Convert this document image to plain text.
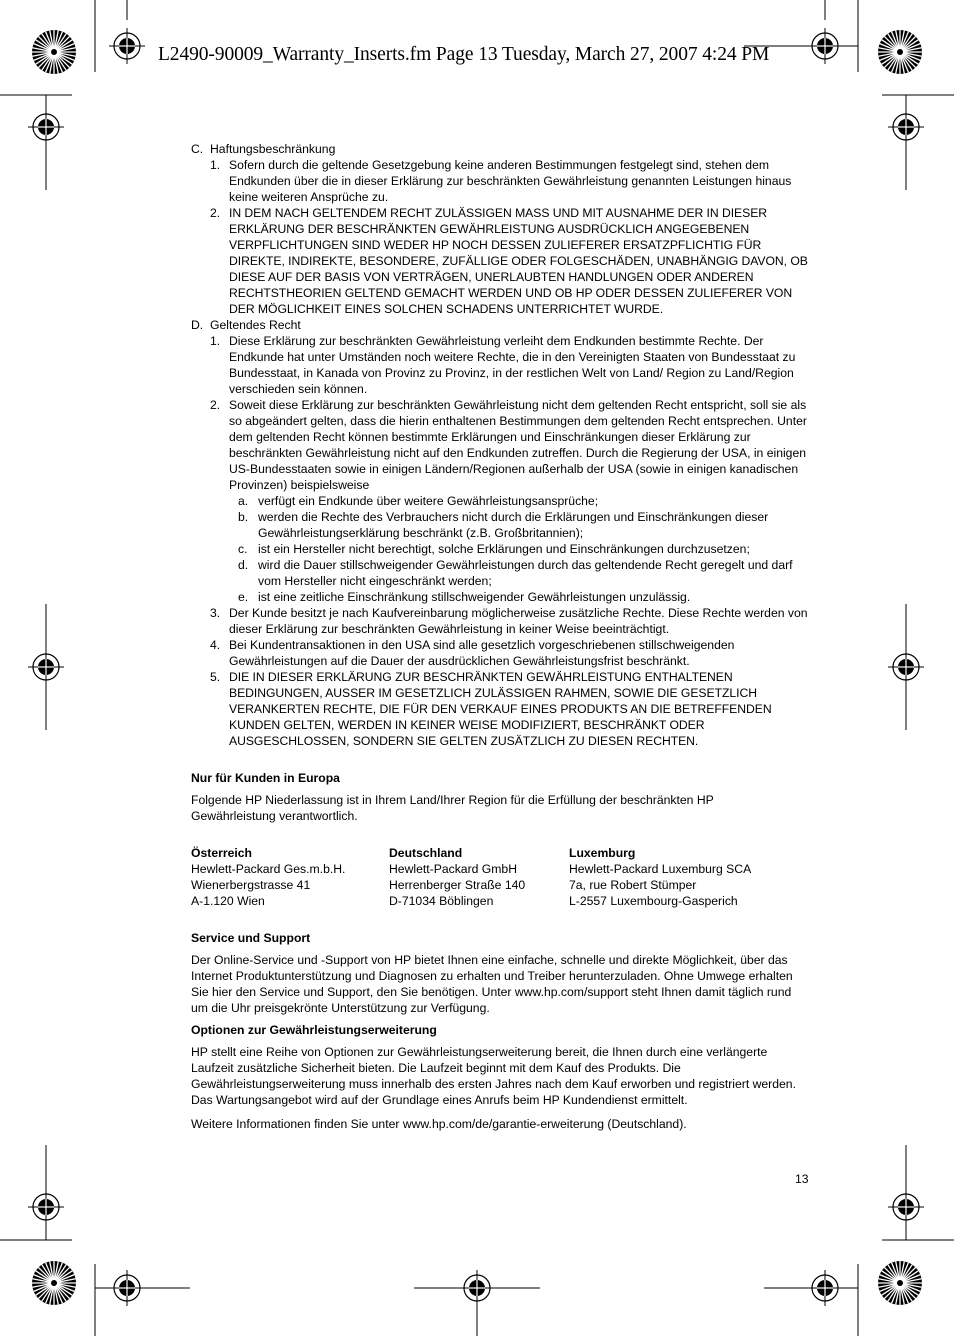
L2490-90009_Warranty_Inserts.fm Page 13 Tuesday, March 27, 2007 4:24 PM
C. Haftungsbeschränkung
1. Sofern durch die geltende Gesetzgebung keine anderen Bestimmungen festgelegt sind, stehen dem Endkunden über die in dieser Erklärung zur beschränkten Gewährleistung genannten Leistungen hinaus keine weiteren Ansprüche zu.
2. IN DEM NACH GELTENDEM RECHT ZULÄSSIGEN MASS UND MIT AUSNAHME DER IN DIESER ERKLÄRUNG DER BESCHRÄNKTEN GEWÄHRLEISTUNG AUSDRÜCKLICH ANGEGEBENEN VERPFLICHTUNGEN SIND WEDER HP NOCH DESSEN ZULIEFERER ERSATZPFLICHTIG FÜR DIREKTE, INDIREKTE, BESONDERE, ZUFÄLLIGE ODER FOLGESCHÄDEN, UNABHÄNGIG DAVON, OB DIESE AUF DER BASIS VON VERTRÄGEN, UNERLAUBTEN HANDLUNGEN ODER ANDEREN RECHTSTHEORIEN GELTEND GEMACHT WERDEN UND OB HP ODER DESSEN ZULIEFERER VON DER MÖGLICHKEIT EINES SOLCHEN SCHADENS UNTERRICHTET WURDE.
D. Geltendes Recht
1. Diese Erklärung zur beschränkten Gewährleistung verleiht dem Endkunden bestimmte Rechte. Der Endkunde hat unter Umständen noch weitere Rechte, die in den Vereinigten Staaten von Bundesstaat zu Bundesstaat, in Kanada von Provinz zu Provinz, in der restlichen Welt von Land/ Region zu Land/Region verschieden sein können.
2. Soweit diese Erklärung zur beschränkten Gewährleistung nicht dem geltenden Recht entspricht, soll sie als so abgeändert gelten, dass die hierin enthaltenen Bestimmungen dem geltenden Recht entsprechen. Unter dem geltenden Recht können bestimmte Erklärungen und Einschränkungen dieser Erklärung zur beschränkten Gewährleistung nicht auf den Endkunden zutreffen. Durch die Regierung der USA, in einigen US-Bundesstaaten sowie in einigen Ländern/Regionen außerhalb der USA (sowie in einigen kanadischen Provinzen) beispielsweise
a. verfügt ein Endkunde über weitere Gewährleistungsansprüche;
b. werden die Rechte des Verbrauchers nicht durch die Erklärungen und Einschränkungen dieser Gewährleistungserklärung beschränkt (z.B. Großbritannien);
c. ist ein Hersteller nicht berechtigt, solche Erklärungen und Einschränkungen durchzusetzen;
d. wird die Dauer stillschweigender Gewährleistungen durch das geltendende Recht geregelt und darf vom Hersteller nicht eingeschränkt werden;
e. ist eine zeitliche Einschränkung stillschweigender Gewährleistungen unzulässig.
3. Der Kunde besitzt je nach Kaufvereinbarung möglicherweise zusätzliche Rechte. Diese Rechte werden von dieser Erklärung zur beschränkten Gewährleistung in keiner Weise beeinträchtigt.
4. Bei Kundentransaktionen in den USA sind alle gesetzlich vorgeschriebenen stillschweigenden Gewährleistungen auf die Dauer der ausdrücklichen Gewährleistungsfrist beschränkt.
5. DIE IN DIESER ERKLÄRUNG ZUR BESCHRÄNKTEN GEWÄHRLEISTUNG ENTHALTENEN BEDINGUNGEN, AUSSER IM GESETZLICH ZULÄSSIGEN RAHMEN, SOWIE DIE GESETZLICH VERANKERTEN RECHTE, DIE FÜR DEN VERKAUF EINES PRODUKTS AN DIE BETREFFENDEN KUNDEN GELTEN, WERDEN IN KEINER WEISE MODIFIZIERT, BESCHRÄNKT ODER AUSGESCHLOSSEN, SONDERN SIE GELTEN ZUSÄTZLICH ZU DIESEN RECHTEN.

Nur für Kunden in Europa

Folgende HP Niederlassung ist in Ihrem Land/Ihrer Region für die Erfüllung der beschränkten HP Gewährleistung verantwortlich.

Österreich
Hewlett-Packard Ges.m.b.H.
Wienerbergstrasse 41
A-1.120 Wien
Deutschland
Hewlett-Packard GmbH
Herrenberger Straße 140
D-71034 Böblingen
Luxemburg
Hewlett-Packard Luxemburg SCA
7a, rue Robert Stümper
L-2557 Luxembourg-Gasperich

Service und Support

Der Online-Service und -Support von HP bietet Ihnen eine einfache, schnelle und direkte Möglichkeit, über das Internet Produktunterstützung und Diagnosen zu erhalten und Treiber herunterzuladen. Ohne Umwege erhalten Sie hier den Service und Support, den Sie benötigen. Unter www.hp.com/support steht Ihnen damit täglich rund um die Uhr preisgekrönte Unterstützung zur Verfügung.

Optionen zur Gewährleistungserweiterung

HP stellt eine Reihe von Optionen zur Gewährleistungserweiterung bereit, die Ihnen durch eine verlängerte Laufzeit zusätzliche Sicherheit bieten. Die Laufzeit beginnt mit dem Kauf des Produkts. Die Gewährleistungserweiterung muss innerhalb des ersten Jahres nach dem Kauf erworben und registriert werden. Das Wartungsangebot wird auf der Grundlage eines Anrufs beim HP Kundendienst ermittelt.

Weitere Informationen finden Sie unter www.hp.com/de/garantie-erweiterung (Deutschland).

13
